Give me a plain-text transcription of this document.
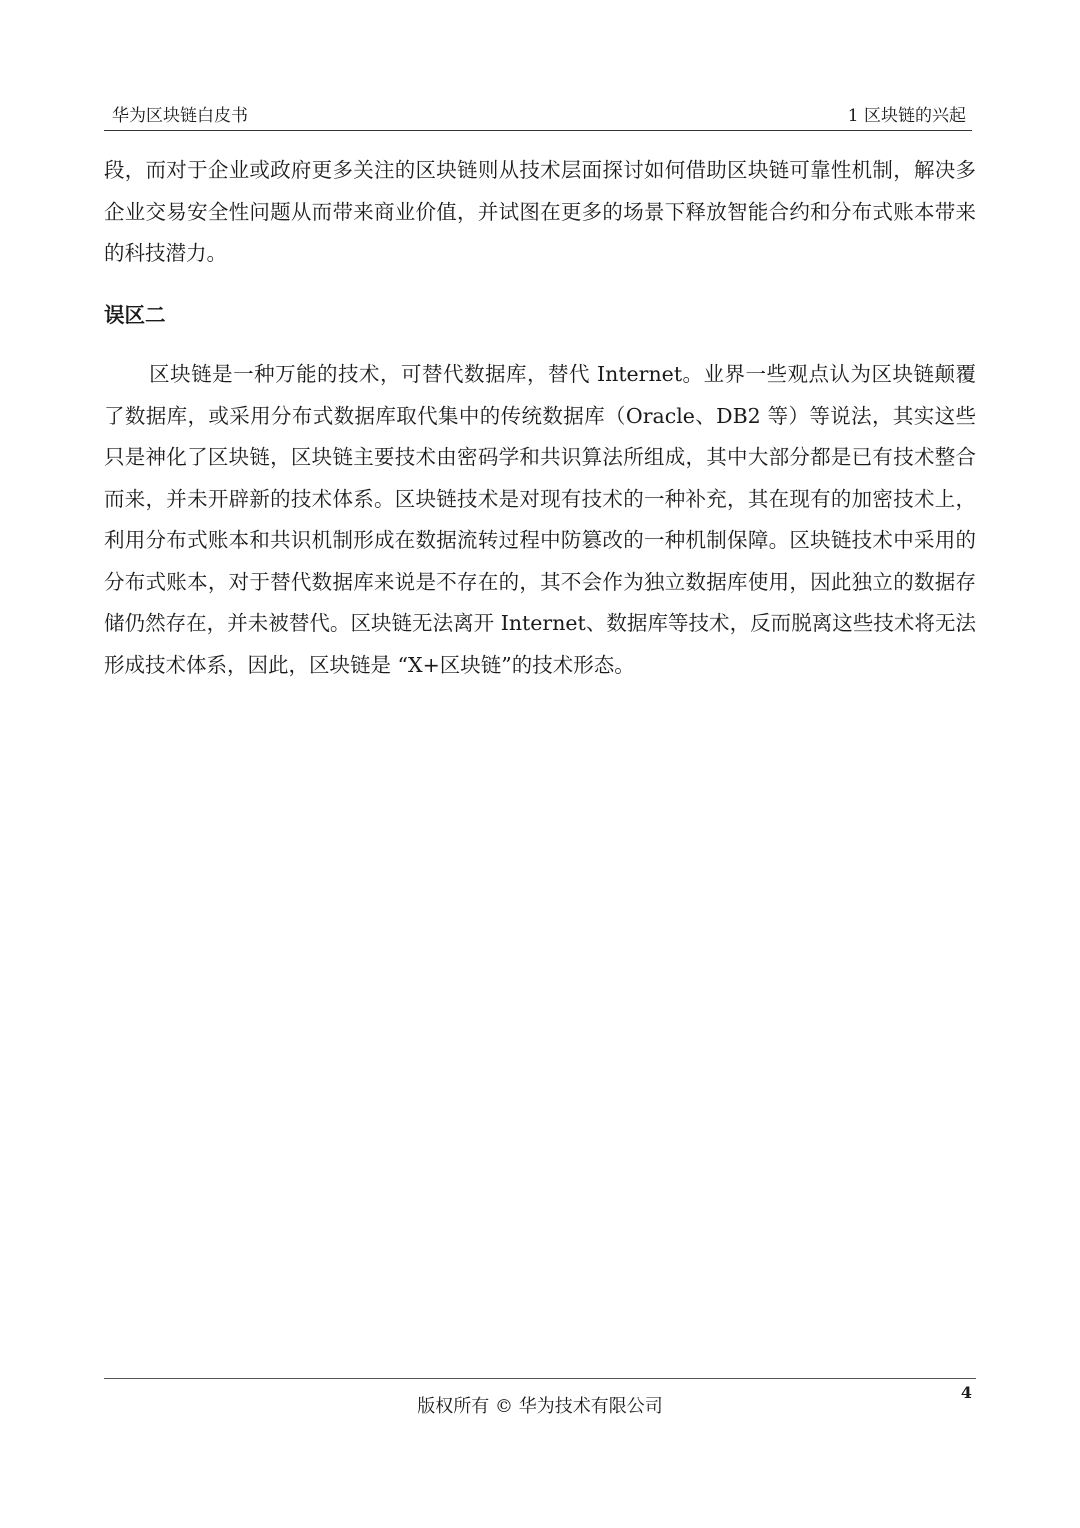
华为区块链白皮书	1 区块链的兴起

段，而对于企业或政府更多关注的区块链则从技术层面探讨如何借助区块链可靠性机制，解决多企业交易安全性问题从而带来商业价值，并试图在更多的场景下释放智能合约和分布式账本带来的科技潜力。

误区二

区块链是一种万能的技术，可替代数据库，替代 Internet。业界一些观点认为区块链颠覆了数据库，或采用分布式数据库取代集中的传统数据库（Oracle、DB2 等）等说法，其实这些只是神化了区块链，区块链主要技术由密码学和共识算法所组成，其中大部分都是已有技术整合而来，并未开辟新的技术体系。区块链技术是对现有技术的一种补充，其在现有的加密技术上，利用分布式账本和共识机制形成在数据流转过程中防篡改的一种机制保障。区块链技术中采用的分布式账本，对于替代数据库来说是不存在的，其不会作为独立数据库使用，因此独立的数据存储仍然存在，并未被替代。区块链无法离开 Internet、数据库等技术，反而脱离这些技术将无法形成技术体系，因此，区块链是 “X+区块链”的技术形态。

4
版权所有 © 华为技术有限公司
